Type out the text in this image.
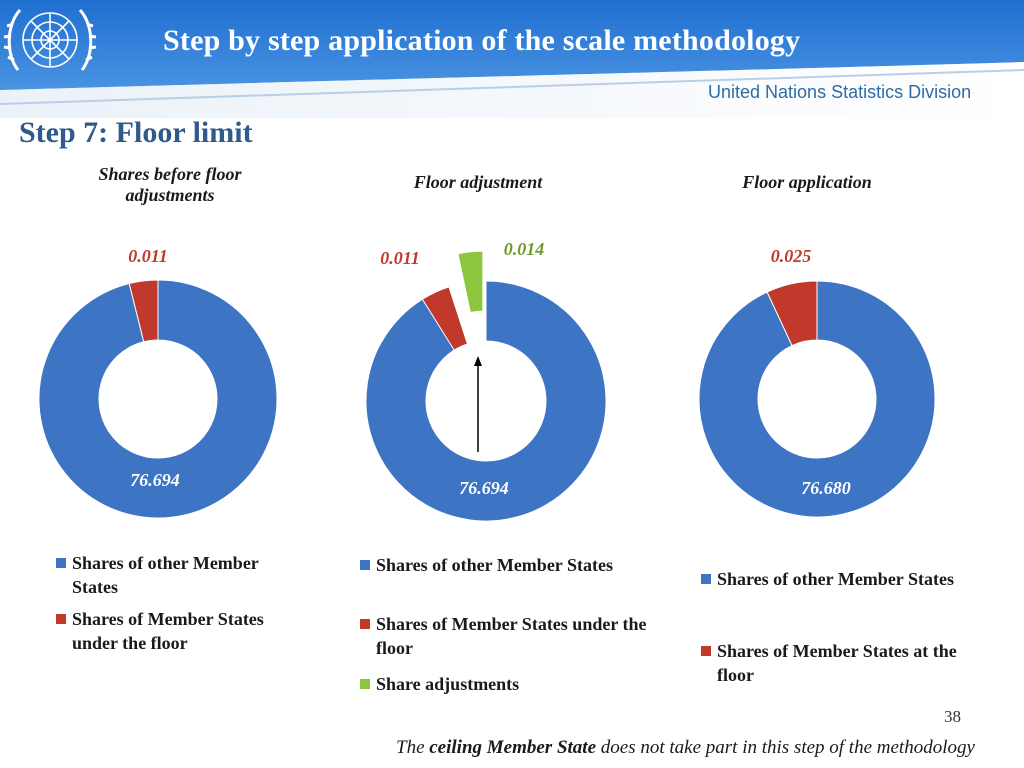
Step by step application of the scale methodology
United Nations Statistics Division
Step 7: Floor limit
Shares before floor adjustments
Floor adjustment	Floor application
0.011
76.694
0.011	0.014
76.694
0.025
76.680
Shares of other Member States
Shares of Member States under the floor
Shares of other Member States
Shares of Member States under the floor
Share adjustments
Shares of other Member States
Shares of Member States at the floor
38
The ceiling Member State does not take part in this step of the methodology
